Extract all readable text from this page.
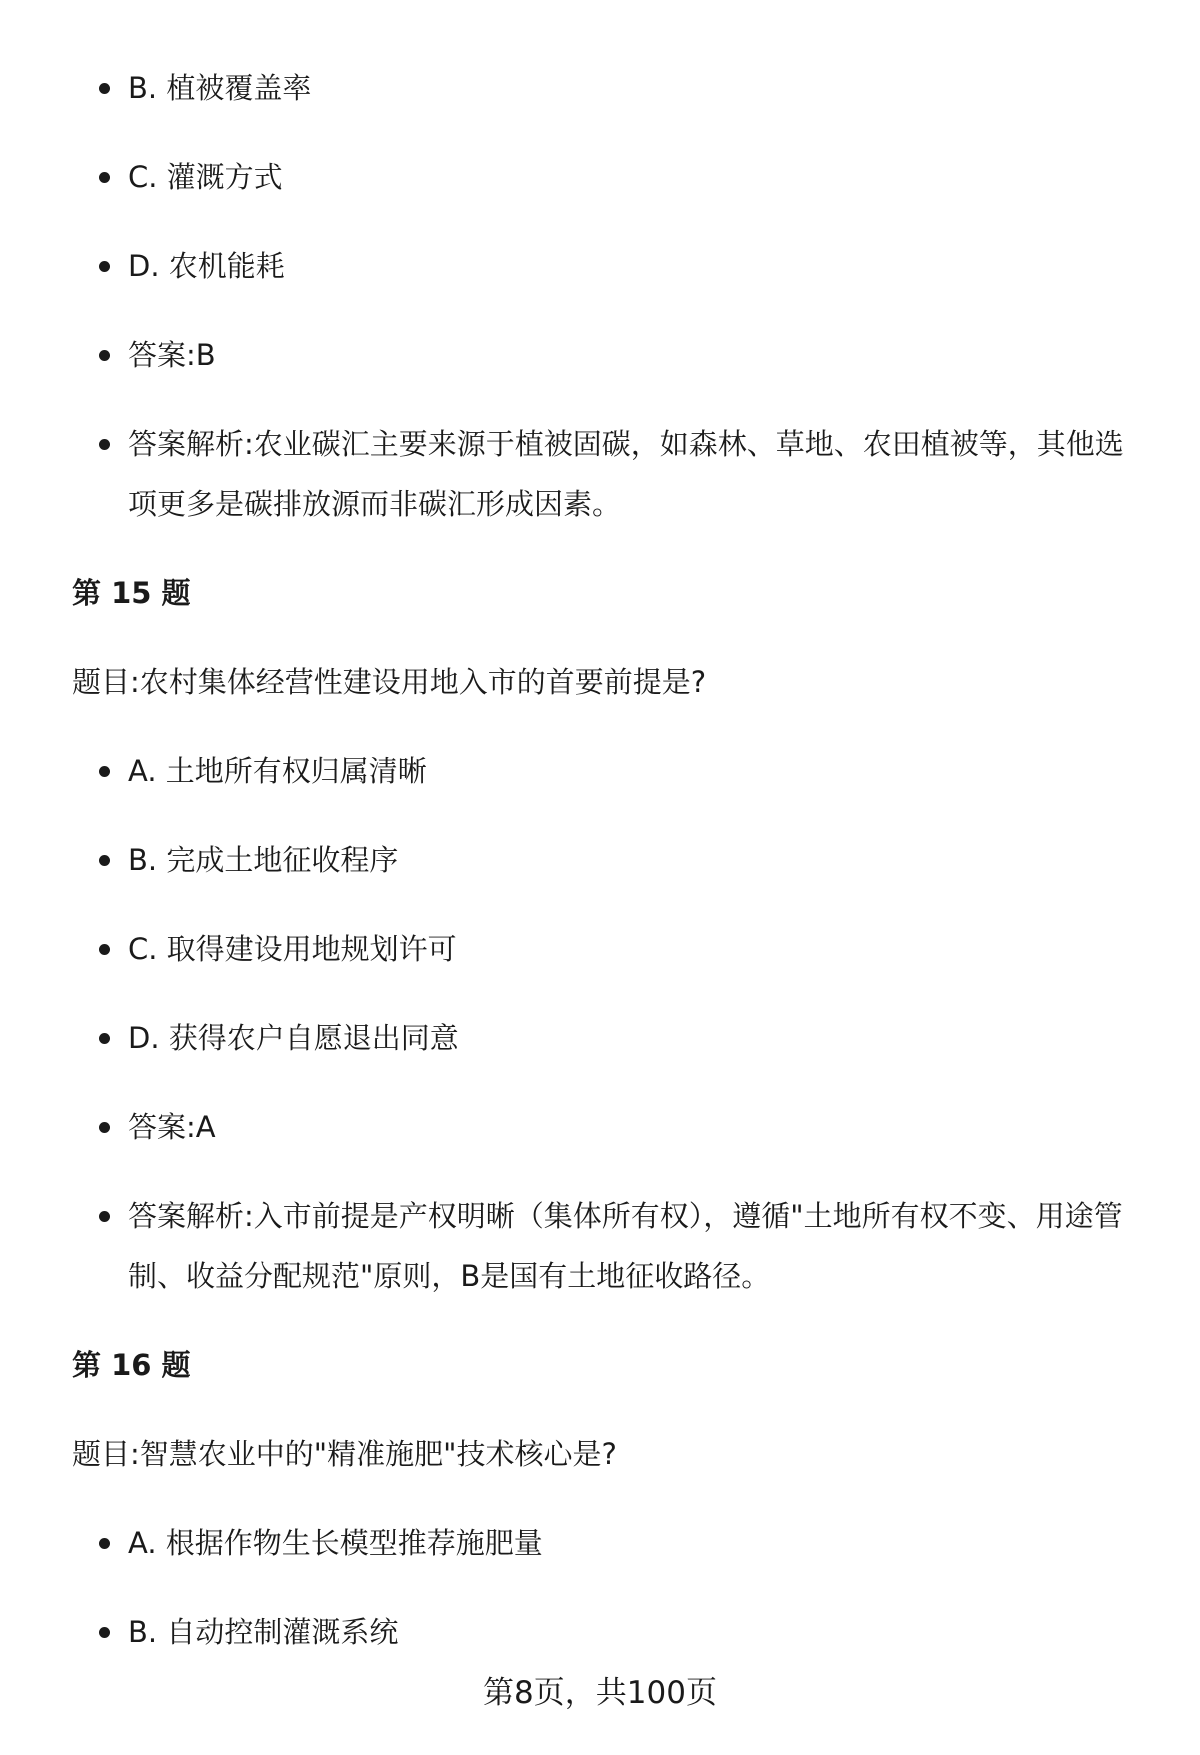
B. 植被覆盖率
C. 灌溉方式
D. 农机能耗
答案:B
答案解析:农业碳汇主要来源于植被固碳，如森林、草地、农田植被等，其他选项更多是碳排放源而非碳汇形成因素。
第 15 题
题目:农村集体经营性建设用地入市的首要前提是?
A. 土地所有权归属清晰
B. 完成土地征收程序
C. 取得建设用地规划许可
D. 获得农户自愿退出同意
答案:A
答案解析:入市前提是产权明晰（集体所有权），遵循"土地所有权不变、用途管制、收益分配规范"原则，B是国有土地征收路径。
第 16 题
题目:智慧农业中的"精准施肥"技术核心是?
A. 根据作物生长模型推荐施肥量
B. 自动控制灌溉系统
第8页，共100页
